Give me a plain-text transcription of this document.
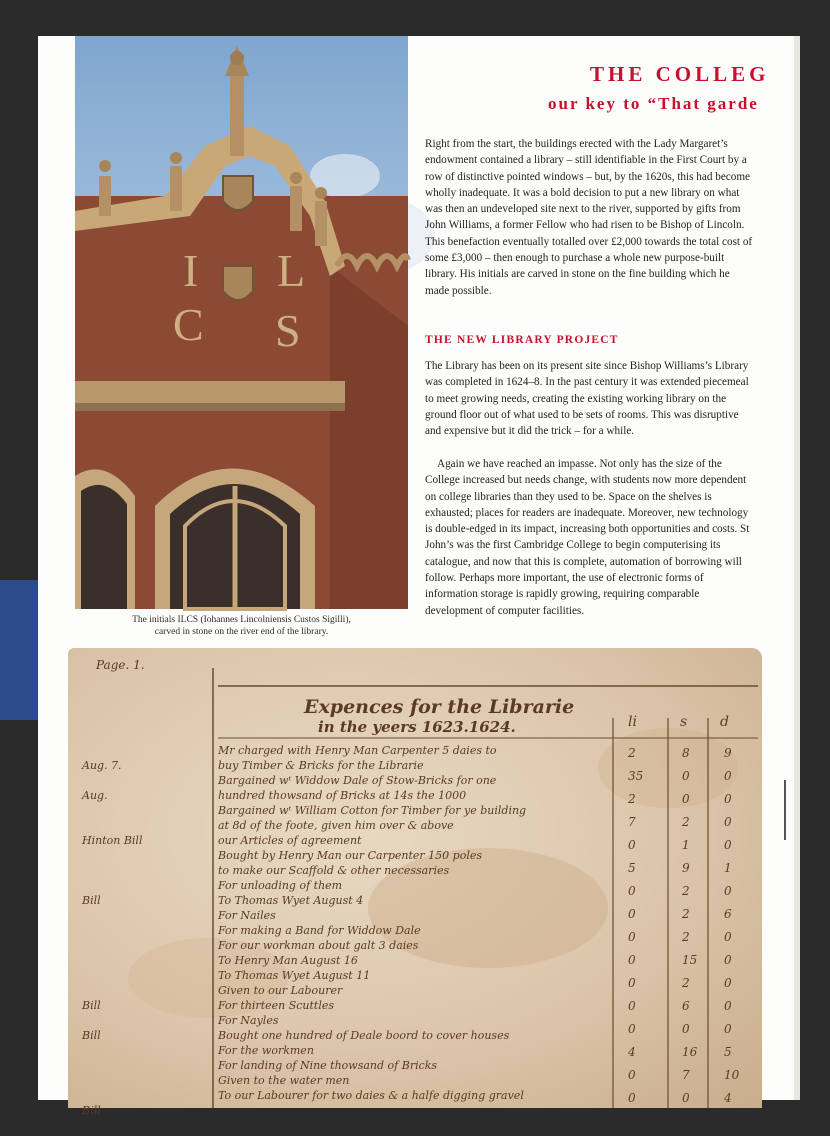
I L
C S
The initials ILCS (Iohannes Lincolniensis Custos Sigilli),
carved in stone on the river end of the library.
THE COLLEG
our key to “That garde

Right from the start, the buildings erected with the Lady Margaret’s endowment contained a library – still identifiable in the First Court by a row of distinctive pointed windows – but, by the 1620s, this had become wholly inadequate. It was a bold decision to put a new library on what was then an undeveloped site next to the river, supported by gifts from John Williams, a former Fellow who had risen to be Bishop of Lincoln. This benefaction eventually totalled over £2,000 towards the total cost of some £3,000 – then enough to purchase a whole new purpose-built library. His initials are carved in stone on the fine building which he made possible.

THE NEW LIBRARY PROJECT

The Library has been on its present site since Bishop Williams’s Library was completed in 1624–8. In the past century it was extended piecemeal to meet growing needs, creating the existing working library on the ground floor out of what used to be sets of rooms. This was disruptive and expensive but it did the trick – for a while.

Again we have reached an impasse. Not only has the size of the College increased but needs change, with students now more dependent on college libraries than they used to be. Space on the shelves is exhausted; places for readers are inadequate. Moreover, new technology is double-edged in its impact, increasing both opportunities and costs. St John’s was the first Cambridge College to begin computerising its catalogue, and now that this is complete, automation of borrowing will follow. Perhaps more important, the use of electronic forms of information storage is rapidly growing, requiring comparable development of computer facilities.

Page. 1.
Expences for the Librarie
in the yeers 1623.1624.	li	s d
Aug. 7.
Aug.
Hinton Bill
Bill
Bill
Bill
Bill
Mr charged with Henry Man Carpenter 5 daies to
buy Timber & Bricks for the Librarie
Bargained wᵗ Widdow Dale of Stow-Bricks for one
hundred thowsand of Bricks at 14s the 1000
Bargained wᵗ William Cotton for Timber for ye building
at 8d of the foote, given him over & above
our Articles of agreement
Bought by Henry Man our Carpenter 150 poles
to make our Scaffold & other necessaries
For unloading of them
To Thomas Wyet August 4
For Nailes
For making a Band for Widdow Dale
For our workman about galt 3 daies
To Henry Man August 16
To Thomas Wyet August 11
Given to our Labourer
For thirteen Scuttles
For Nayles
Bought one hundred of Deale boord to cover houses
For the workmen
For landing of Nine thowsand of Bricks
Given to the water men
To our Labourer for two daies & a halfe digging gravel
2
35
2
7
0
5
0
0
0
0
0
0
0
4
0
0
8
0
0
2
1
9
2
2
2
15
2
6
0
16
7
0
9
0
0
0
0
1
0
6
0
0
0
0
0
5
10
4
